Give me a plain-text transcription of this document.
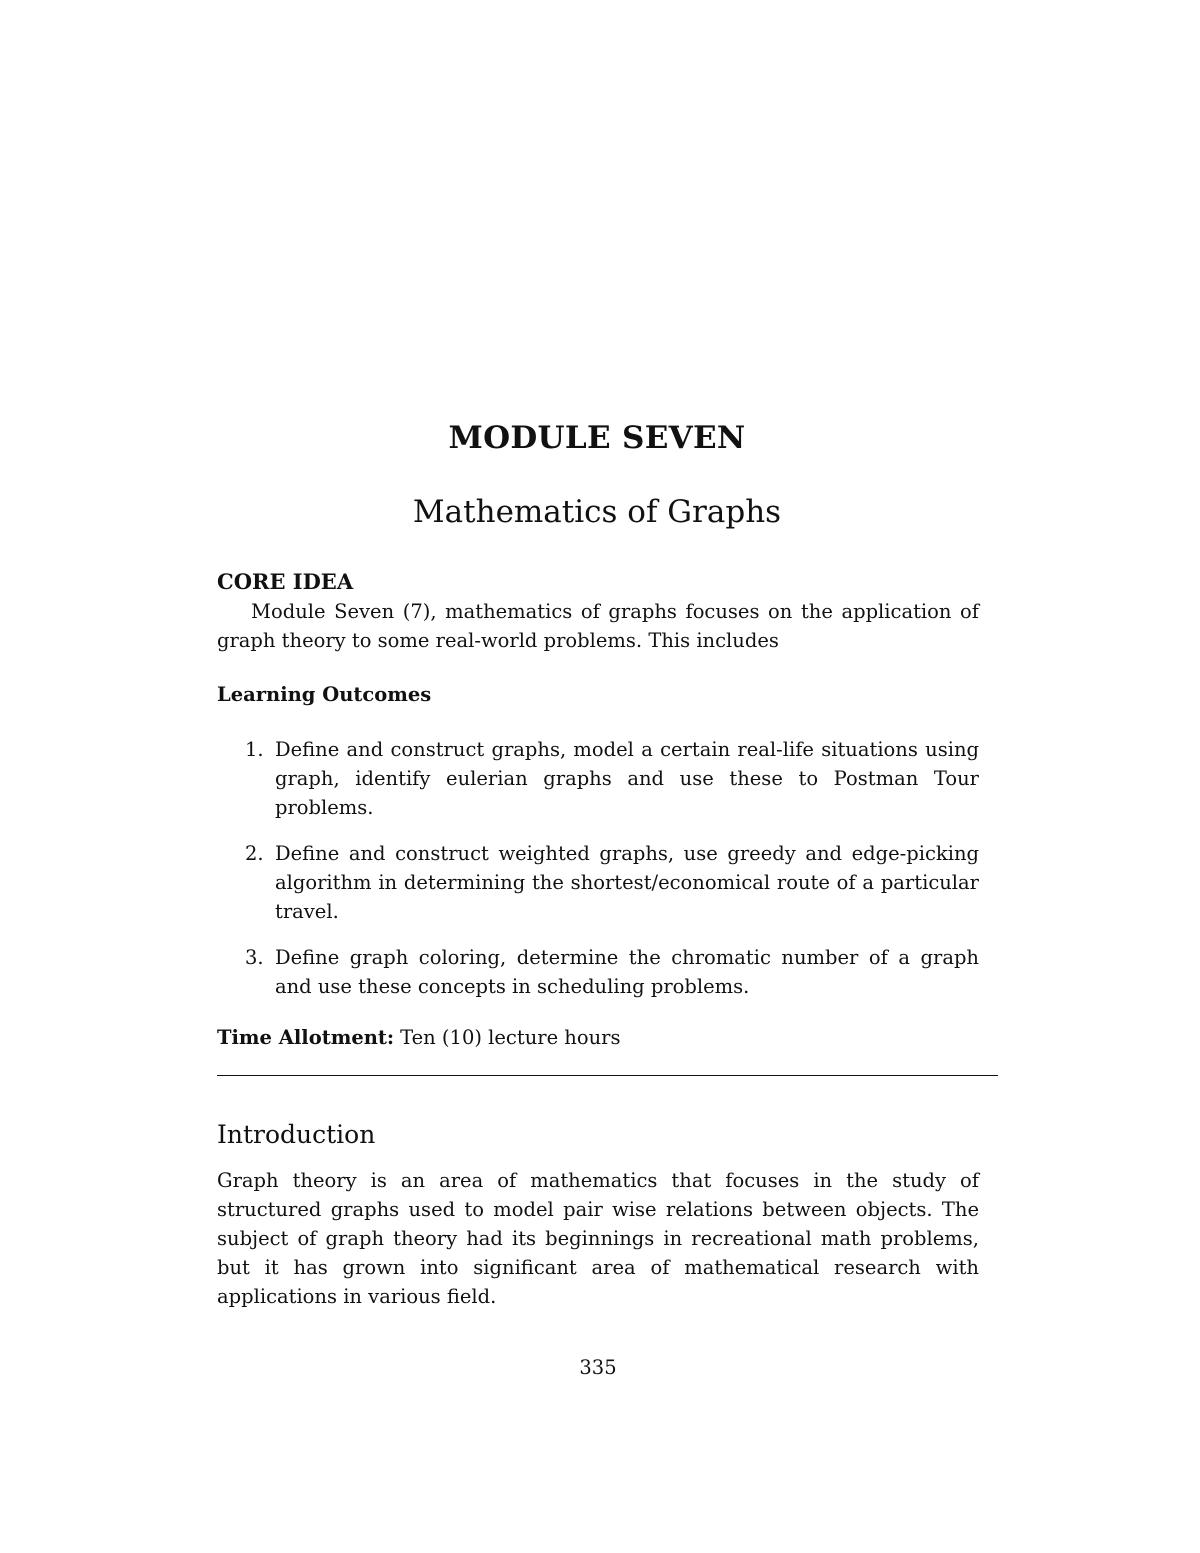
MODULE SEVEN
Mathematics of Graphs
CORE IDEA

Module Seven (7), mathematics of graphs focuses on the application of graph theory to some real-world problems. This includes

Learning Outcomes
1. Define and construct graphs, model a certain real-life situations using graph, identify eulerian graphs and use these to Postman Tour problems.
2. Define and construct weighted graphs, use greedy and edge-picking algorithm in determining the shortest/economical route of a particular travel.
3. Define graph coloring, determine the chromatic number of a graph and use these concepts in scheduling problems.

Time Allotment: Ten (10) lecture hours

Introduction

Graph theory is an area of mathematics that focuses in the study of structured graphs used to model pair wise relations between objects. The subject of graph theory had its beginnings in recreational math problems, but it has grown into significant area of mathematical research with applications in various field.

335
